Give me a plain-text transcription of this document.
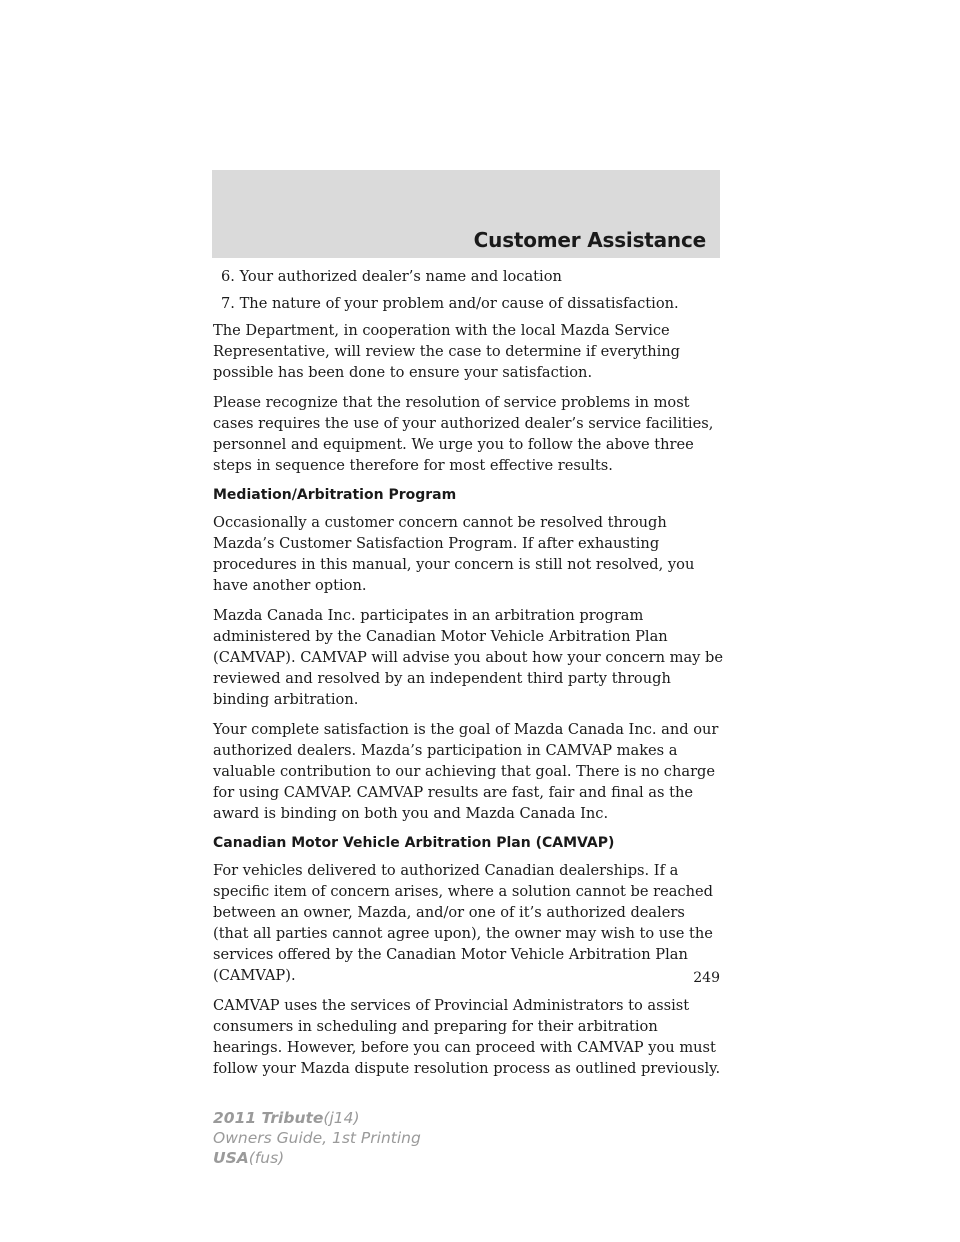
Customer Assistance

6. Your authorized dealer’s name and location

7. The nature of your problem and/or cause of dissatisfaction.

The Department, in cooperation with the local Mazda Service Representative, will review the case to determine if everything possible has been done to ensure your satisfaction.

Please recognize that the resolution of service problems in most cases requires the use of your authorized dealer’s service facilities, personnel and equipment. We urge you to follow the above three steps in sequence therefore for most effective results.

Mediation/Arbitration Program

Occasionally a customer concern cannot be resolved through Mazda’s Customer Satisfaction Program. If after exhausting procedures in this manual, your concern is still not resolved, you have another option.

Mazda Canada Inc. participates in an arbitration program administered by the Canadian Motor Vehicle Arbitration Plan (CAMVAP). CAMVAP will advise you about how your concern may be reviewed and resolved by an independent third party through binding arbitration.

Your complete satisfaction is the goal of Mazda Canada Inc. and our authorized dealers. Mazda’s participation in CAMVAP makes a valuable contribution to our achieving that goal. There is no charge for using CAMVAP. CAMVAP results are fast, fair and final as the award is binding on both you and Mazda Canada Inc.

Canadian Motor Vehicle Arbitration Plan (CAMVAP)

For vehicles delivered to authorized Canadian dealerships. If a specific item of concern arises, where a solution cannot be reached between an owner, Mazda, and/or one of it’s authorized dealers (that all parties cannot agree upon), the owner may wish to use the services offered by the Canadian Motor Vehicle Arbitration Plan (CAMVAP).

CAMVAP uses the services of Provincial Administrators to assist consumers in scheduling and preparing for their arbitration hearings. However, before you can proceed with CAMVAP you must follow your Mazda dispute resolution process as outlined previously.

249
2011 Tribute(j14)
Owners Guide, 1st Printing
USA(fus)
